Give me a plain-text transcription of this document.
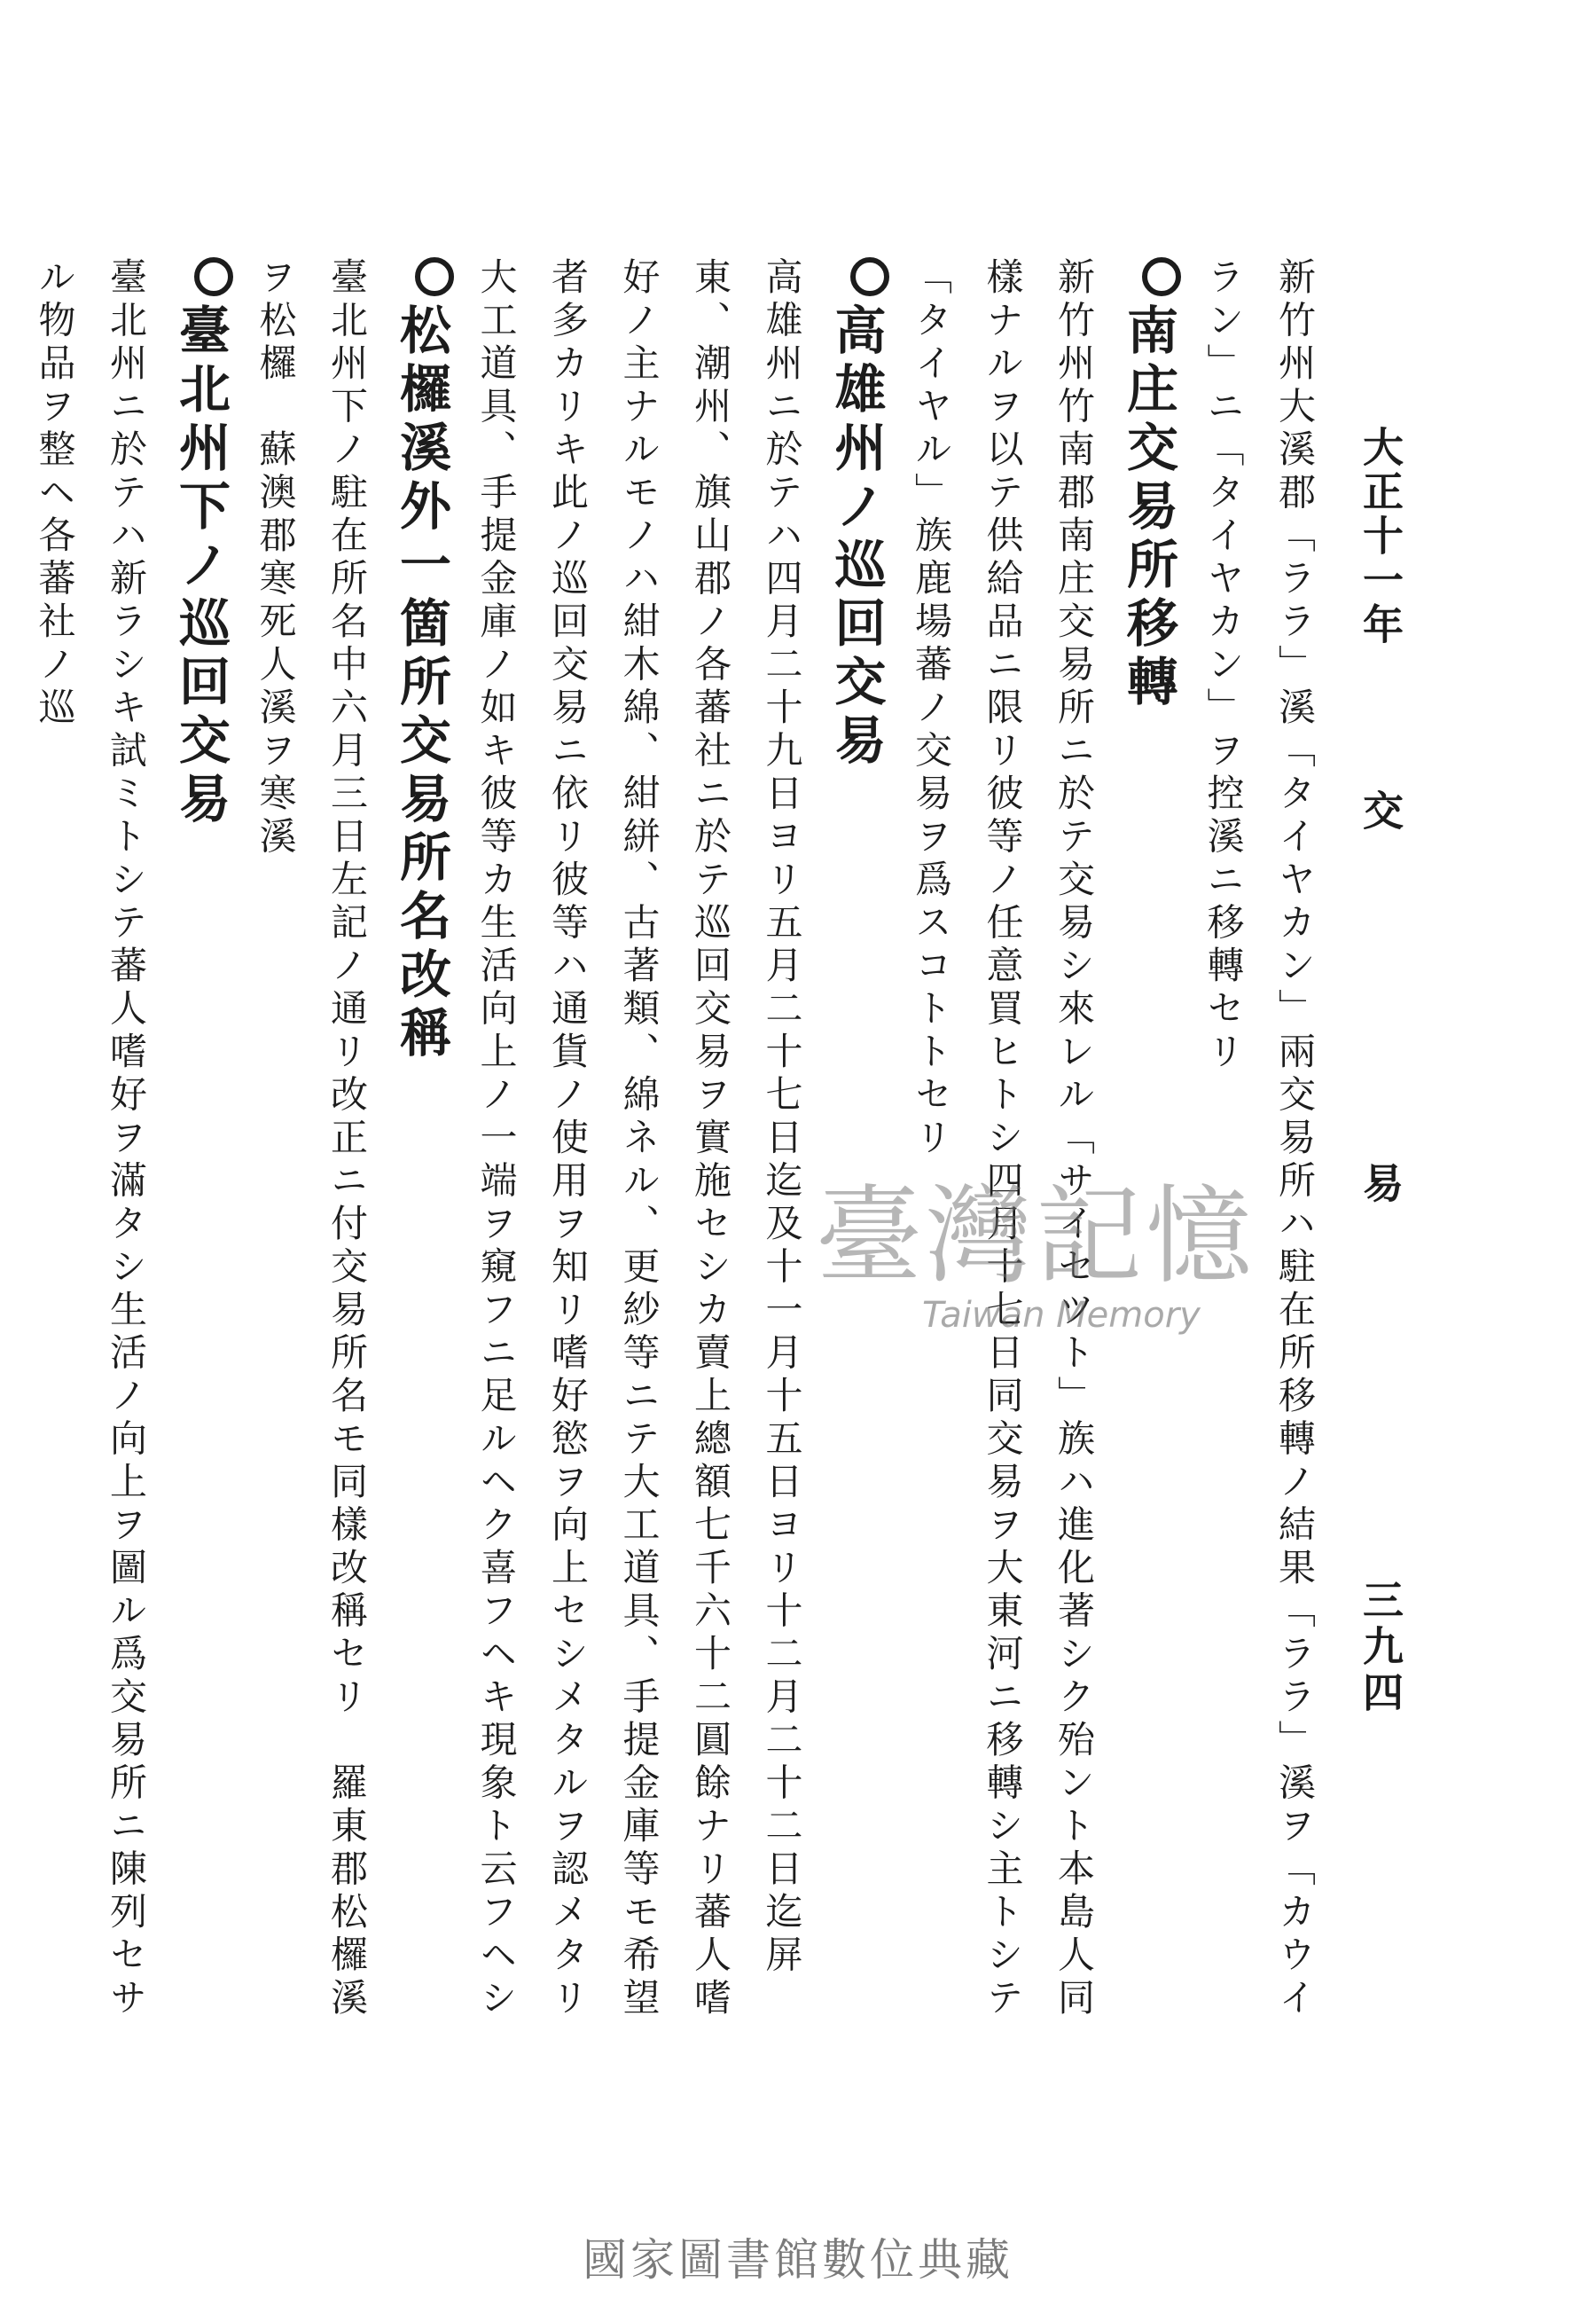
大正十一年
交
易
三九四

新竹州大溪郡「ララ」溪「タイヤカン」兩交易所ハ駐在所移轉ノ結果「ララ」溪ヲ「カウイラン」ニ「タイヤカン」ヲ控溪ニ移轉セリ

南庄交易所移轉

新竹州竹南郡南庄交易所ニ於テ交易シ來レル「サイセツト」族ハ進化著シク殆ント本島人同樣ナルヲ以テ供給品ニ限リ彼等ノ任意買ヒトシ四月十七日同交易ヲ大東河ニ移轉シ主トシテ「タイヤル」族鹿場蕃ノ交易ヲ爲スコトトセリ

高雄州ノ巡回交易

高雄州ニ於テハ四月二十九日ヨリ五月二十七日迄及十一月十五日ヨリ十二月二十二日迄屏東、潮州、旗山郡ノ各蕃社ニ於テ巡回交易ヲ實施セシカ賣上總額七千六十二圓餘ナリ蕃人嗜好ノ主ナルモノハ紺木綿、紺絣、古著類、綿ネル、更紗等ニテ大工道具、手提金庫等モ希望者多カリキ此ノ巡回交易ニ依リ彼等ハ通貨ノ使用ヲ知リ嗜好慾ヲ向上セシメタルヲ認メタリ大工道具、手提金庫ノ如キ彼等カ生活向上ノ一端ヲ窺フニ足ルヘク喜フヘキ現象ト云フヘシ

松欏溪外一箇所交易所名改稱

臺北州下ノ駐在所名中六月三日左記ノ通リ改正ニ付交易所名モ同樣改稱セリ　羅東郡松欏溪ヲ松欏　蘇澳郡寒死人溪ヲ寒溪

臺北州下ノ巡回交易

臺北州ニ於テハ新ラシキ試ミトシテ蕃人嗜好ヲ滿タシ生活ノ向上ヲ圖ル爲交易所ニ陳列セサル物品ヲ整ヘ各蕃社ノ巡

臺灣記憶
Taiwan Memory
國家圖書館數位典藏
